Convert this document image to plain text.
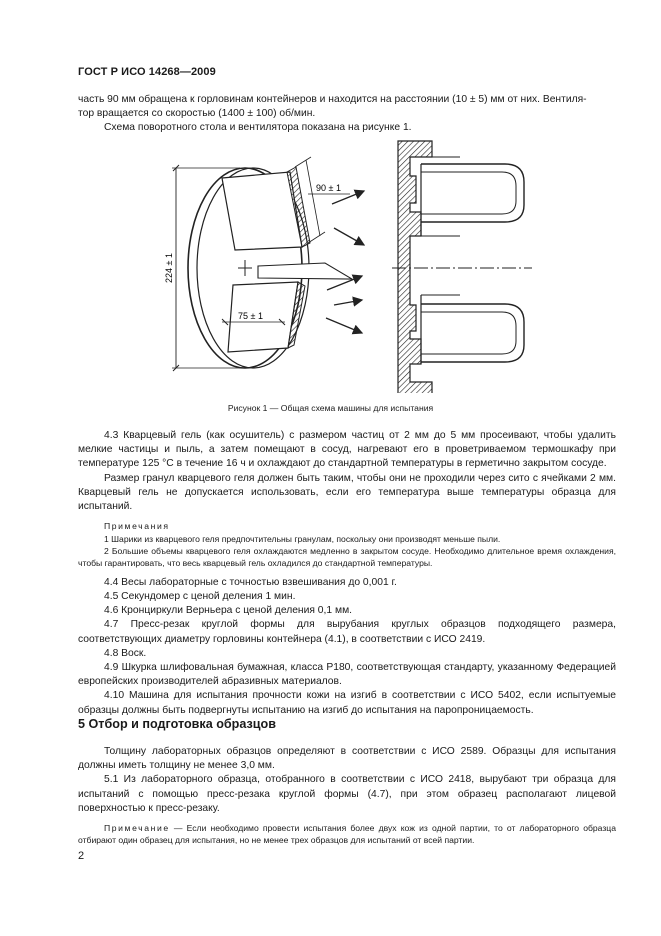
ГОСТ Р ИСО 14268—2009

часть 90 мм обращена к горловинам контейнеров и находится на расстоянии (10 ± 5) мм от них. Вентиля-

тор вращается со скоростью (1400 ± 100) об/мин.

Схема поворотного стола и вентилятора показана на рисунке 1.

224 ± 1
90 ± 1
75 ± 1
Рисунок 1 — Общая схема машины для испытания

4.3 Кварцевый гель (как осушитель) с размером частиц от 2 мм до 5 мм просеивают, чтобы удалить мелкие частицы и пыль, а затем помещают в сосуд, нагревают его в проветриваемом термошкафу при температуре 125 °С в течение 16 ч и охлаждают до стандартной температуры в герметично закрытом сосуде.

Размер гранул кварцевого геля должен быть таким, чтобы они не проходили через сито с ячейками 2 мм. Кварцевый гель не допускается использовать, если его температура выше температуры образца для испытаний.

Примечания

1 Шарики из кварцевого геля предпочтительны гранулам, поскольку они производят меньше пыли.

2 Большие объемы кварцевого геля охлаждаются медленно в закрытом сосуде. Необходимо длительное время охлаждения, чтобы гарантировать, что весь кварцевый гель охладился до стандартной температуры.

4.4 Весы лабораторные с точностью взвешивания до 0,001 г.

4.5 Секундомер с ценой деления 1 мин.

4.6 Кронциркули Верньера с ценой деления 0,1 мм.

4.7 Пресс-резак круглой формы для вырубания круглых образцов подходящего размера, соответствующих диаметру горловины контейнера (4.1), в соответствии с ИСО 2419.

4.8 Воск.

4.9 Шкурка шлифовальная бумажная, класса Р180, соответствующая стандарту, указанному Федерацией европейских производителей абразивных материалов.

4.10 Машина для испытания прочности кожи на изгиб в соответствии с ИСО 5402, если испытуемые образцы должны быть подвергнуты испытанию на изгиб до испытания на паропроницаемость.

5 Отбор и подготовка образцов

Толщину лабораторных образцов определяют в соответствии с ИСО 2589. Образцы для испытания должны иметь толщину не менее 3,0 мм.

5.1 Из лабораторного образца, отобранного в соответствии с ИСО 2418, вырубают три образца для испытаний с помощью пресс-резака круглой формы (4.7), при этом образец располагают лицевой поверхностью к пресс-резаку.

Примечание — Если необходимо провести испытания более двух кож из одной партии, то от лабораторного образца отбирают один образец для испытания, но не менее трех образцов для испытаний от всей партии.

2
